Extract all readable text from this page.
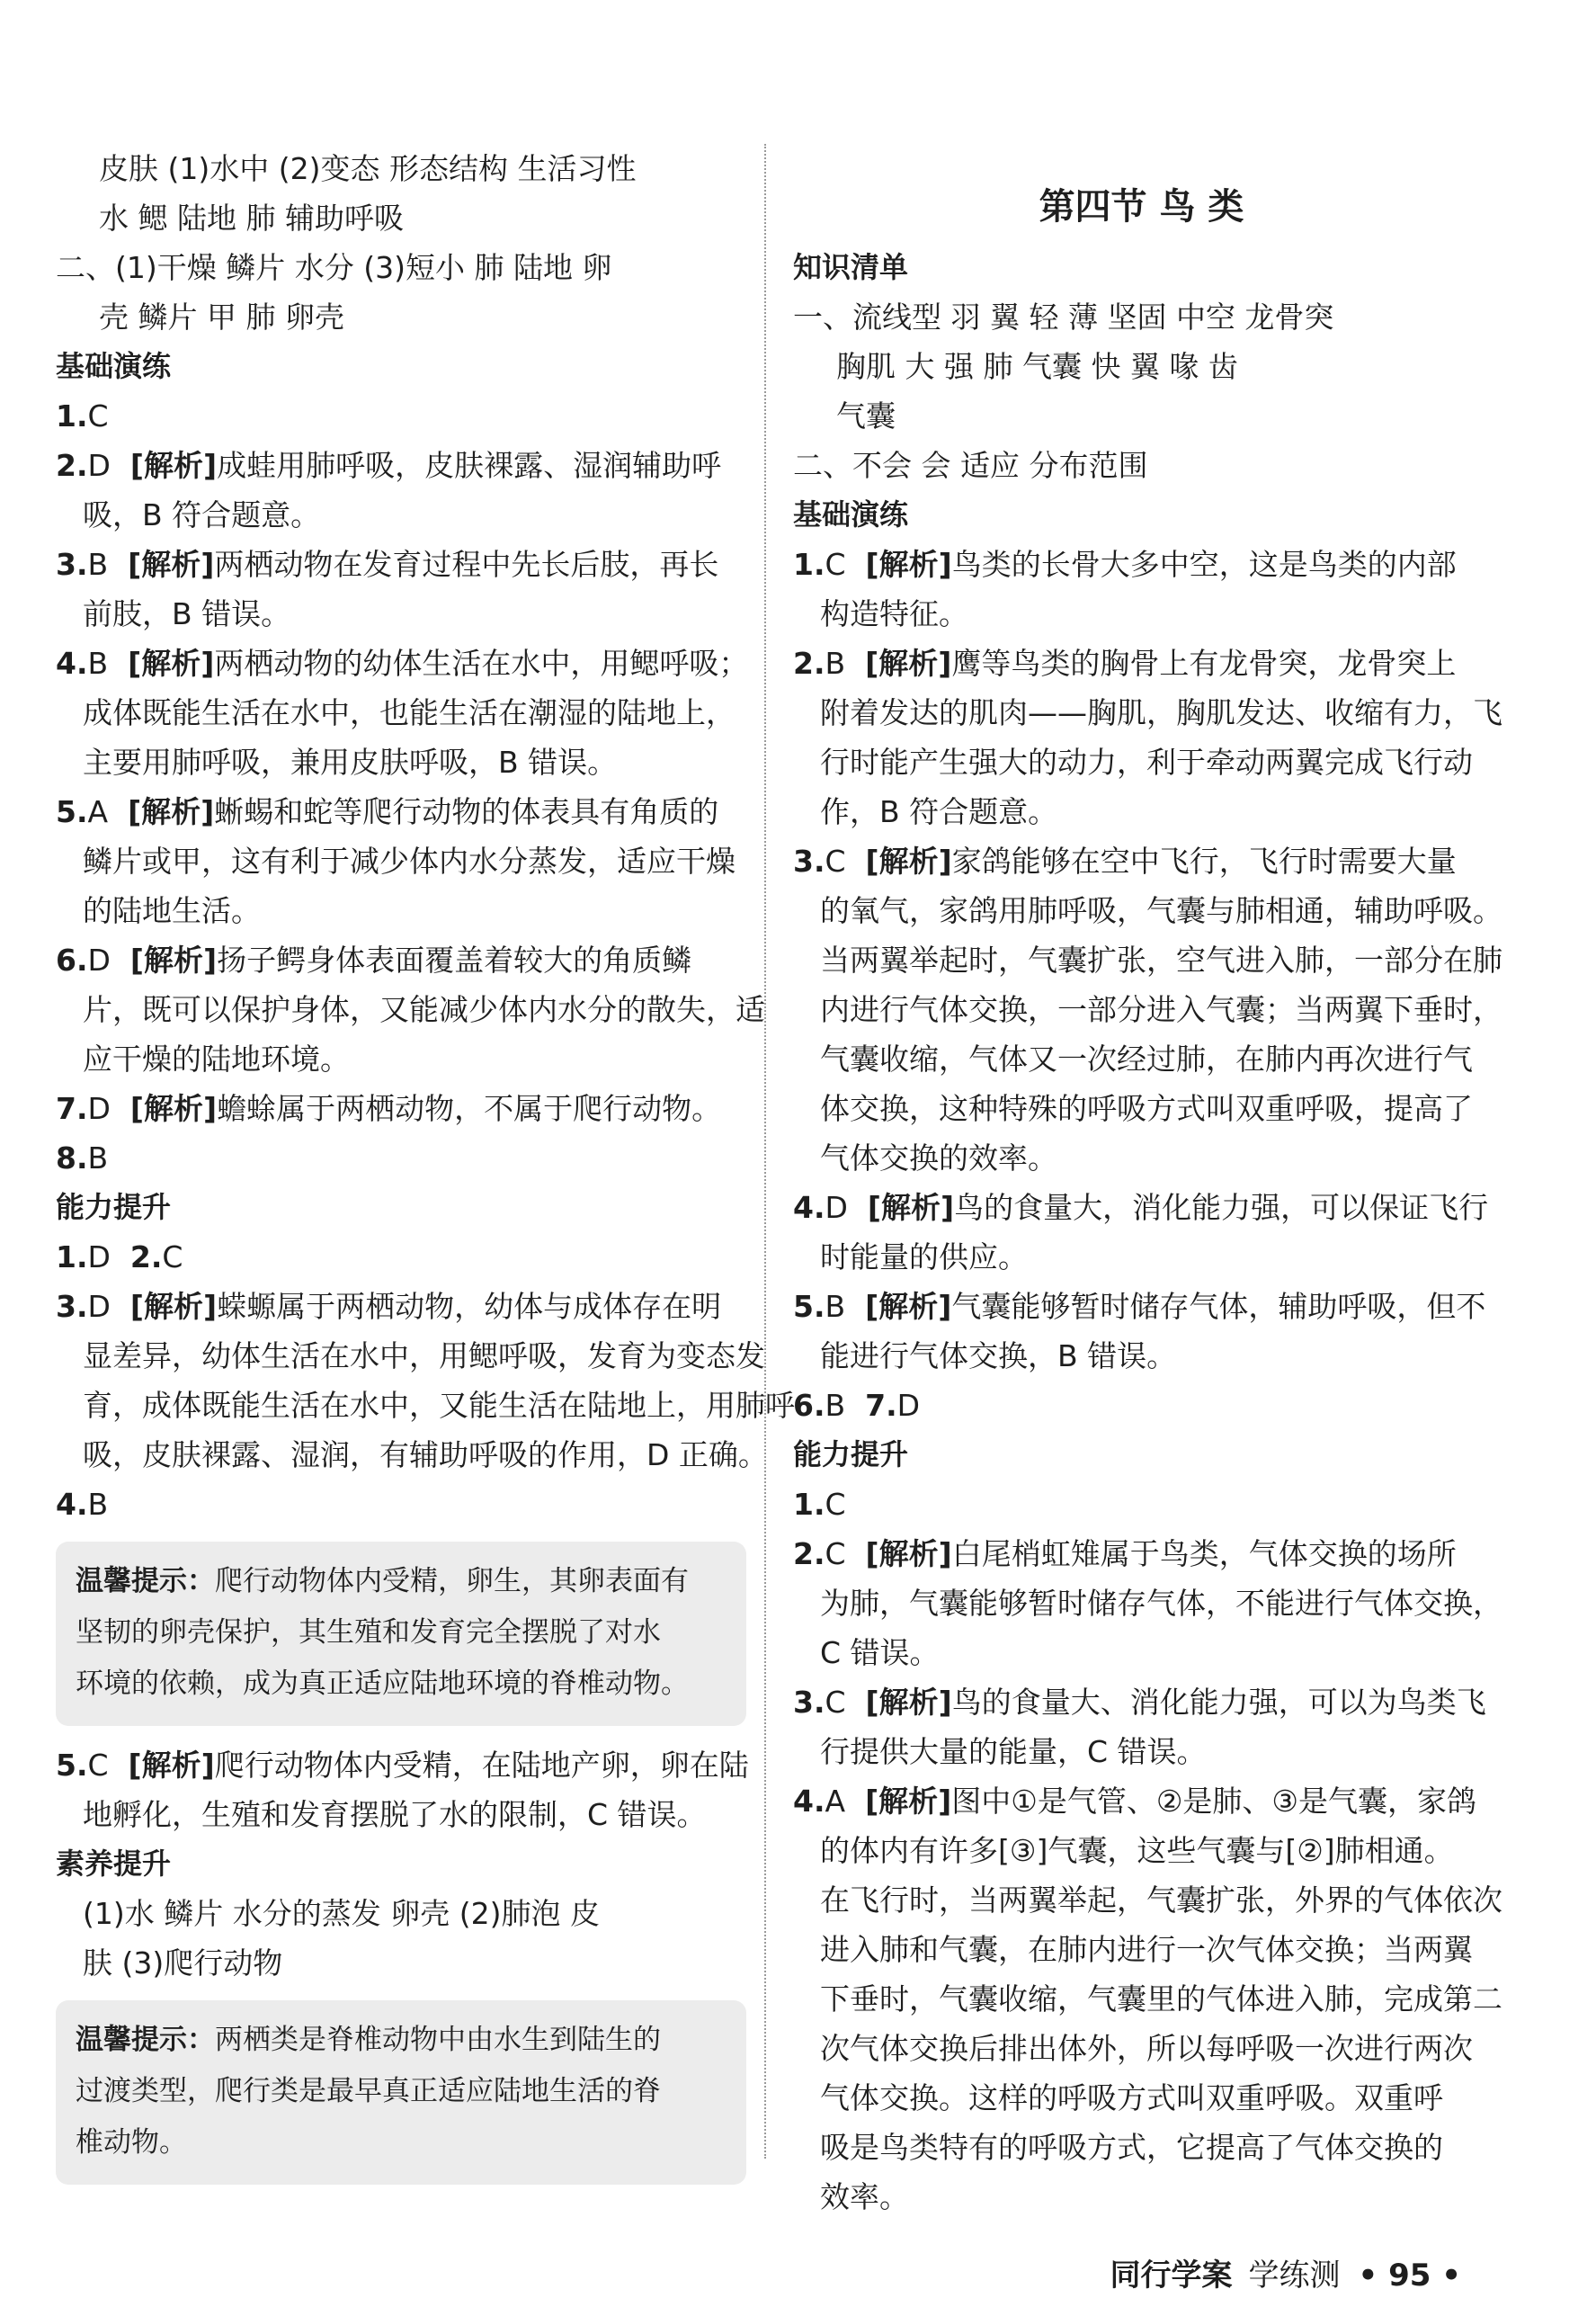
皮肤 (1)水中 (2)变态 形态结构 生活习性

水 鳃 陆地 肺 辅助呼吸

二、(1)干燥 鳞片 水分 (3)短小 肺 陆地 卵

壳 鳞片 甲 肺 卵壳

基础演练

1.C

2.D [解析]成蛙用肺呼吸，皮肤裸露、湿润辅助呼

吸，B 符合题意。

3.B [解析]两栖动物在发育过程中先长后肢，再长

前肢，B 错误。

4.B [解析]两栖动物的幼体生活在水中，用鳃呼吸；

成体既能生活在水中，也能生活在潮湿的陆地上，

主要用肺呼吸，兼用皮肤呼吸，B 错误。

5.A [解析]蜥蜴和蛇等爬行动物的体表具有角质的

鳞片或甲，这有利于减少体内水分蒸发，适应干燥

的陆地生活。

6.D [解析]扬子鳄身体表面覆盖着较大的角质鳞

片，既可以保护身体，又能减少体内水分的散失，适

应干燥的陆地环境。

7.D [解析]蟾蜍属于两栖动物，不属于爬行动物。

8.B

能力提升

1.D 2.C

3.D [解析]蝾螈属于两栖动物，幼体与成体存在明

显差异，幼体生活在水中，用鳃呼吸，发育为变态发

育，成体既能生活在水中，又能生活在陆地上，用肺呼

吸，皮肤裸露、湿润，有辅助呼吸的作用，D 正确。

4.B

温馨提示：爬行动物体内受精，卵生，其卵表面有

坚韧的卵壳保护，其生殖和发育完全摆脱了对水

环境的依赖，成为真正适应陆地环境的脊椎动物。

5.C [解析]爬行动物体内受精，在陆地产卵，卵在陆

地孵化，生殖和发育摆脱了水的限制，C 错误。

素养提升

(1)水 鳞片 水分的蒸发 卵壳 (2)肺泡 皮

肤 (3)爬行动物

温馨提示：两栖类是脊椎动物中由水生到陆生的

过渡类型，爬行类是最早真正适应陆地生活的脊

椎动物。

第四节 鸟 类

知识清单

一、流线型 羽 翼 轻 薄 坚固 中空 龙骨突

胸肌 大 强 肺 气囊 快 翼 喙 齿

气囊

二、不会 会 适应 分布范围

基础演练

1.C [解析]鸟类的长骨大多中空，这是鸟类的内部

构造特征。

2.B [解析]鹰等鸟类的胸骨上有龙骨突，龙骨突上

附着发达的肌肉——胸肌，胸肌发达、收缩有力，飞

行时能产生强大的动力，利于牵动两翼完成飞行动

作，B 符合题意。

3.C [解析]家鸽能够在空中飞行，飞行时需要大量

的氧气，家鸽用肺呼吸，气囊与肺相通，辅助呼吸。

当两翼举起时，气囊扩张，空气进入肺，一部分在肺

内进行气体交换，一部分进入气囊；当两翼下垂时，

气囊收缩，气体又一次经过肺，在肺内再次进行气

体交换，这种特殊的呼吸方式叫双重呼吸，提高了

气体交换的效率。

4.D [解析]鸟的食量大，消化能力强，可以保证飞行

时能量的供应。

5.B [解析]气囊能够暂时储存气体，辅助呼吸，但不

能进行气体交换，B 错误。

6.B 7.D

能力提升

1.C

2.C [解析]白尾梢虹雉属于鸟类，气体交换的场所

为肺，气囊能够暂时储存气体，不能进行气体交换，

C 错误。

3.C [解析]鸟的食量大、消化能力强，可以为鸟类飞

行提供大量的能量，C 错误。

4.A [解析]图中①是气管、②是肺、③是气囊，家鸽

的体内有许多[③]气囊，这些气囊与[②]肺相通。

在飞行时，当两翼举起，气囊扩张，外界的气体依次

进入肺和气囊，在肺内进行一次气体交换；当两翼

下垂时，气囊收缩，气囊里的气体进入肺，完成第二

次气体交换后排出体外，所以每呼吸一次进行两次

气体交换。这样的呼吸方式叫双重呼吸。双重呼

吸是鸟类特有的呼吸方式，它提高了气体交换的

效率。

同行学案 学练测 • 95 •
